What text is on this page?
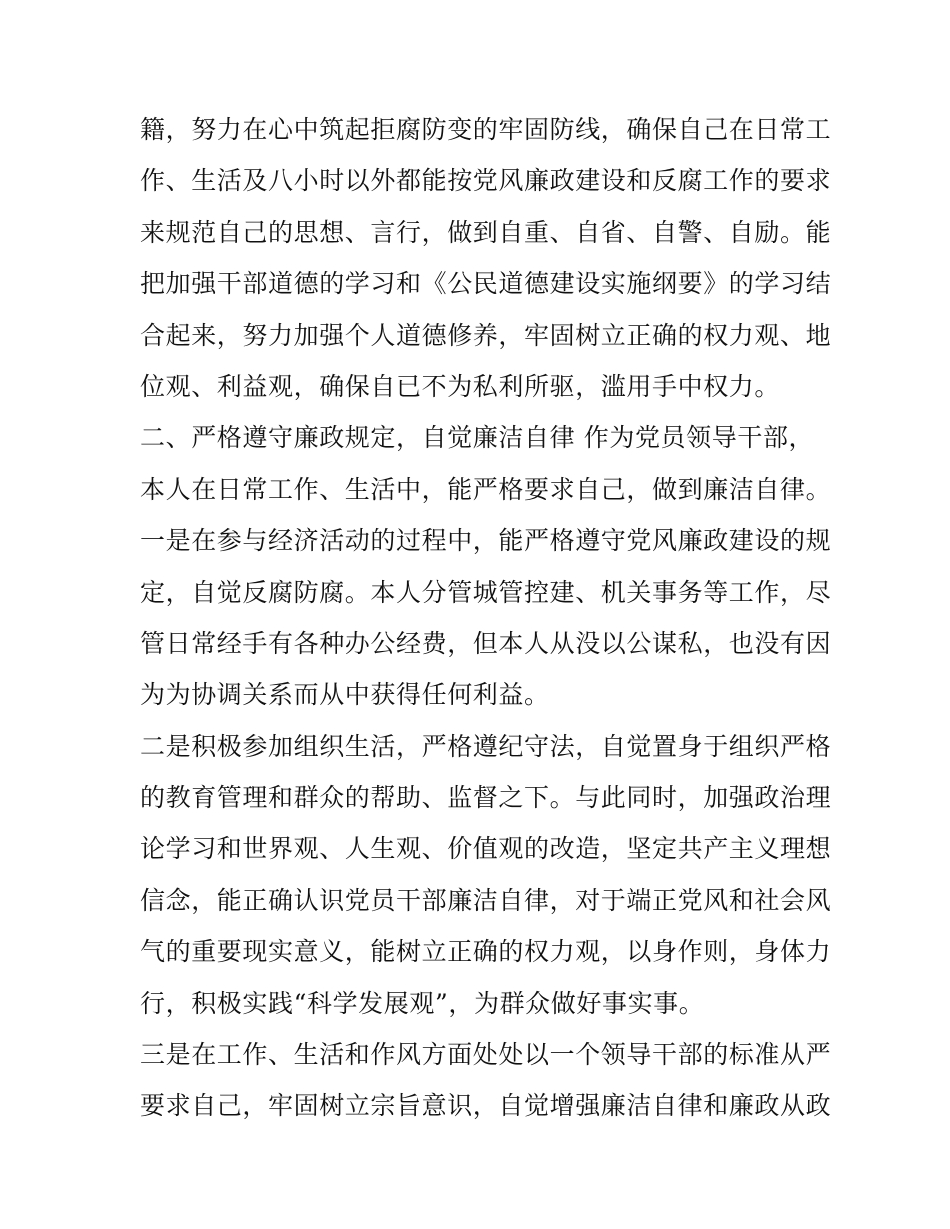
籍，努力在心中筑起拒腐防变的牢固防线，确保自己在日常工
作、生活及八小时以外都能按党风廉政建设和反腐工作的要求
来规范自己的思想、言行，做到自重、自省、自警、自励。能
把加强干部道德的学习和《公民道德建设实施纲要》的学习结
合起来，努力加强个人道德修养，牢固树立正确的权力观、地
位观、利益观，确保自已不为私利所驱，滥用手中权力。
二、严格遵守廉政规定，自觉廉洁自律 作为党员领导干部，
本人在日常工作、生活中，能严格要求自己，做到廉洁自律。
一是在参与经济活动的过程中，能严格遵守党风廉政建设的规
定，自觉反腐防腐。本人分管城管控建、机关事务等工作，尽
管日常经手有各种办公经费，但本人从没以公谋私，也没有因
为为协调关系而从中获得任何利益。
二是积极参加组织生活，严格遵纪守法，自觉置身于组织严格
的教育管理和群众的帮助、监督之下。与此同时，加强政治理
论学习和世界观、人生观、价值观的改造，坚定共产主义理想
信念，能正确认识党员干部廉洁自律，对于端正党风和社会风
气的重要现实意义，能树立正确的权力观，以身作则，身体力
行，积极实践“科学发展观”，为群众做好事实事。
三是在工作、生活和作风方面处处以一个领导干部的标准从严
要求自己，牢固树立宗旨意识，自觉增强廉洁自律和廉政从政
